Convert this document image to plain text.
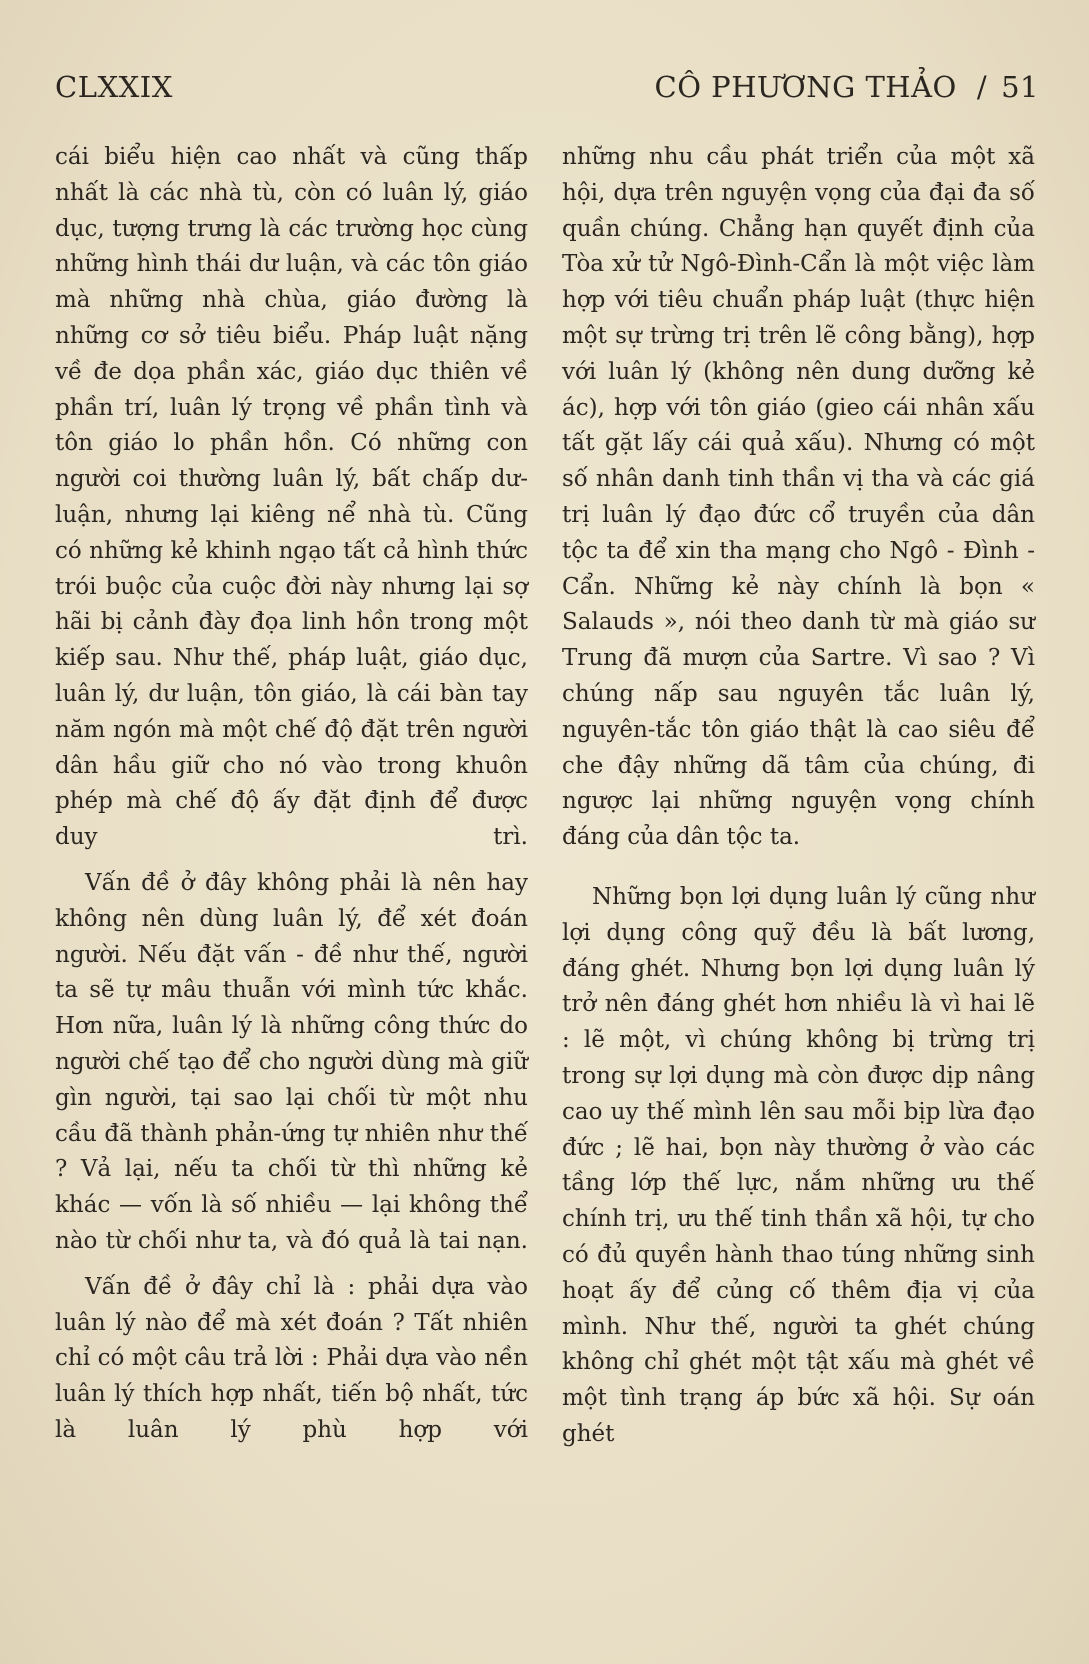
CLXXIX	CÔ PHƯƠNG THẢO / 51

cái biểu hiện cao nhất và cũng thấp nhất là các nhà tù, còn có luân lý, giáo dục, tượng trưng là các trường học cùng những hình thái dư luận, và các tôn giáo mà những nhà chùa, giáo đường là những cơ sở tiêu biểu. Pháp luật nặng về đe dọa phần xác, giáo dục thiên về phần trí, luân lý trọng về phần tình và tôn giáo lo phần hồn. Có những con người coi thường luân lý, bất chấp dư-luận, nhưng lại kiêng nể nhà tù. Cũng có những kẻ khinh ngạo tất cả hình thức trói buộc của cuộc đời này nhưng lại sợ hãi bị cảnh đày đọa linh hồn trong một kiếp sau. Như thế, pháp luật, giáo dục, luân lý, dư luận, tôn giáo, là cái bàn tay năm ngón mà một chế độ đặt trên người dân hầu giữ cho nó vào trong khuôn phép mà chế độ ấy đặt định để được duy trì.

Vấn đề ở đây không phải là nên hay không nên dùng luân lý, để xét đoán người. Nếu đặt vấn - đề như thế, người ta sẽ tự mâu thuẫn với mình tức khắc. Hơn nữa, luân lý là những công thức do người chế tạo để cho người dùng mà giữ gìn người, tại sao lại chối từ một nhu cầu đã thành phản-ứng tự nhiên như thế ? Vả lại, nếu ta chối từ thì những kẻ khác — vốn là số nhiều — lại không thể nào từ chối như ta, và đó quả là tai nạn.

Vấn đề ở đây chỉ là : phải dựa vào luân lý nào để mà xét đoán ? Tất nhiên chỉ có một câu trả lời : Phải dựa vào nền luân lý thích hợp nhất, tiến bộ nhất, tức là luân lý phù hợp với

những nhu cầu phát triển của một xã hội, dựa trên nguyện vọng của đại đa số quần chúng. Chẳng hạn quyết định của Tòa xử tử Ngô-Đình-Cẩn là một việc làm hợp với tiêu chuẩn pháp luật (thực hiện một sự trừng trị trên lẽ công bằng), hợp với luân lý (không nên dung dưỡng kẻ ác), hợp với tôn giáo (gieo cái nhân xấu tất gặt lấy cái quả xấu). Nhưng có một số nhân danh tinh thần vị tha và các giá trị luân lý đạo đức cổ truyền của dân tộc ta để xin tha mạng cho Ngô - Đình - Cẩn. Những kẻ này chính là bọn « Salauds », nói theo danh từ mà giáo sư Trung đã mượn của Sartre. Vì sao ? Vì chúng nấp sau nguyên tắc luân lý, nguyên-tắc tôn giáo thật là cao siêu để che đậy những dã tâm của chúng, đi ngược lại những nguyện vọng chính đáng của dân tộc ta.

Những bọn lợi dụng luân lý cũng như lợi dụng công quỹ đều là bất lương, đáng ghét. Nhưng bọn lợi dụng luân lý trở nên đáng ghét hơn nhiều là vì hai lẽ : lẽ một, vì chúng không bị trừng trị trong sự lợi dụng mà còn được dịp nâng cao uy thế mình lên sau mỗi bịp lừa đạo đức ; lẽ hai, bọn này thường ở vào các tầng lớp thế lực, nắm những ưu thế chính trị, ưu thế tinh thần xã hội, tự cho có đủ quyền hành thao túng những sinh hoạt ấy để củng cố thêm địa vị của mình. Như thế, người ta ghét chúng không chỉ ghét một tật xấu mà ghét về một tình trạng áp bức xã hội. Sự oán ghét
